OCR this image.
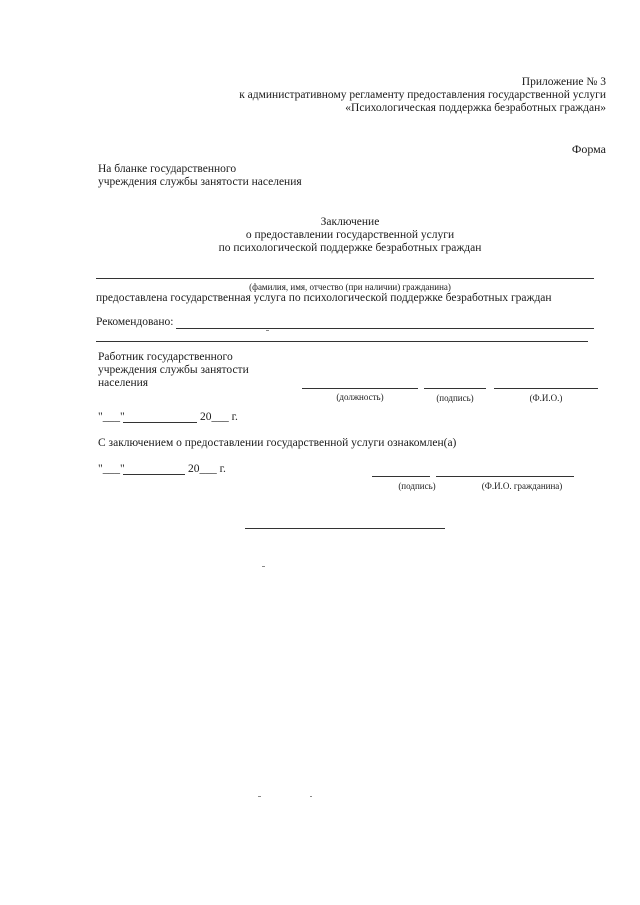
Приложение № 3
к административному регламенту предоставления государственной услуги
«Психологическая поддержка безработных граждан»
Форма
На бланке государственного
учреждения службы занятости населения
Заключение
о предоставлении государственной услуги
по психологической поддержке безработных граждан
(фамилия, имя, отчество (при наличии) гражданина)
предоставлена государственная услуга по психологической поддержке безработных граждан
Рекомендовано:
Работник государственного
учреждения службы занятости
населения
(должность)	(подпись)	(Ф.И.О.)
"___"	20___ г.
С заключением о предоставлении государственной услуги ознакомлен(а)
"___"	20___ г.
(подпись)	(Ф.И.О. гражданина)
